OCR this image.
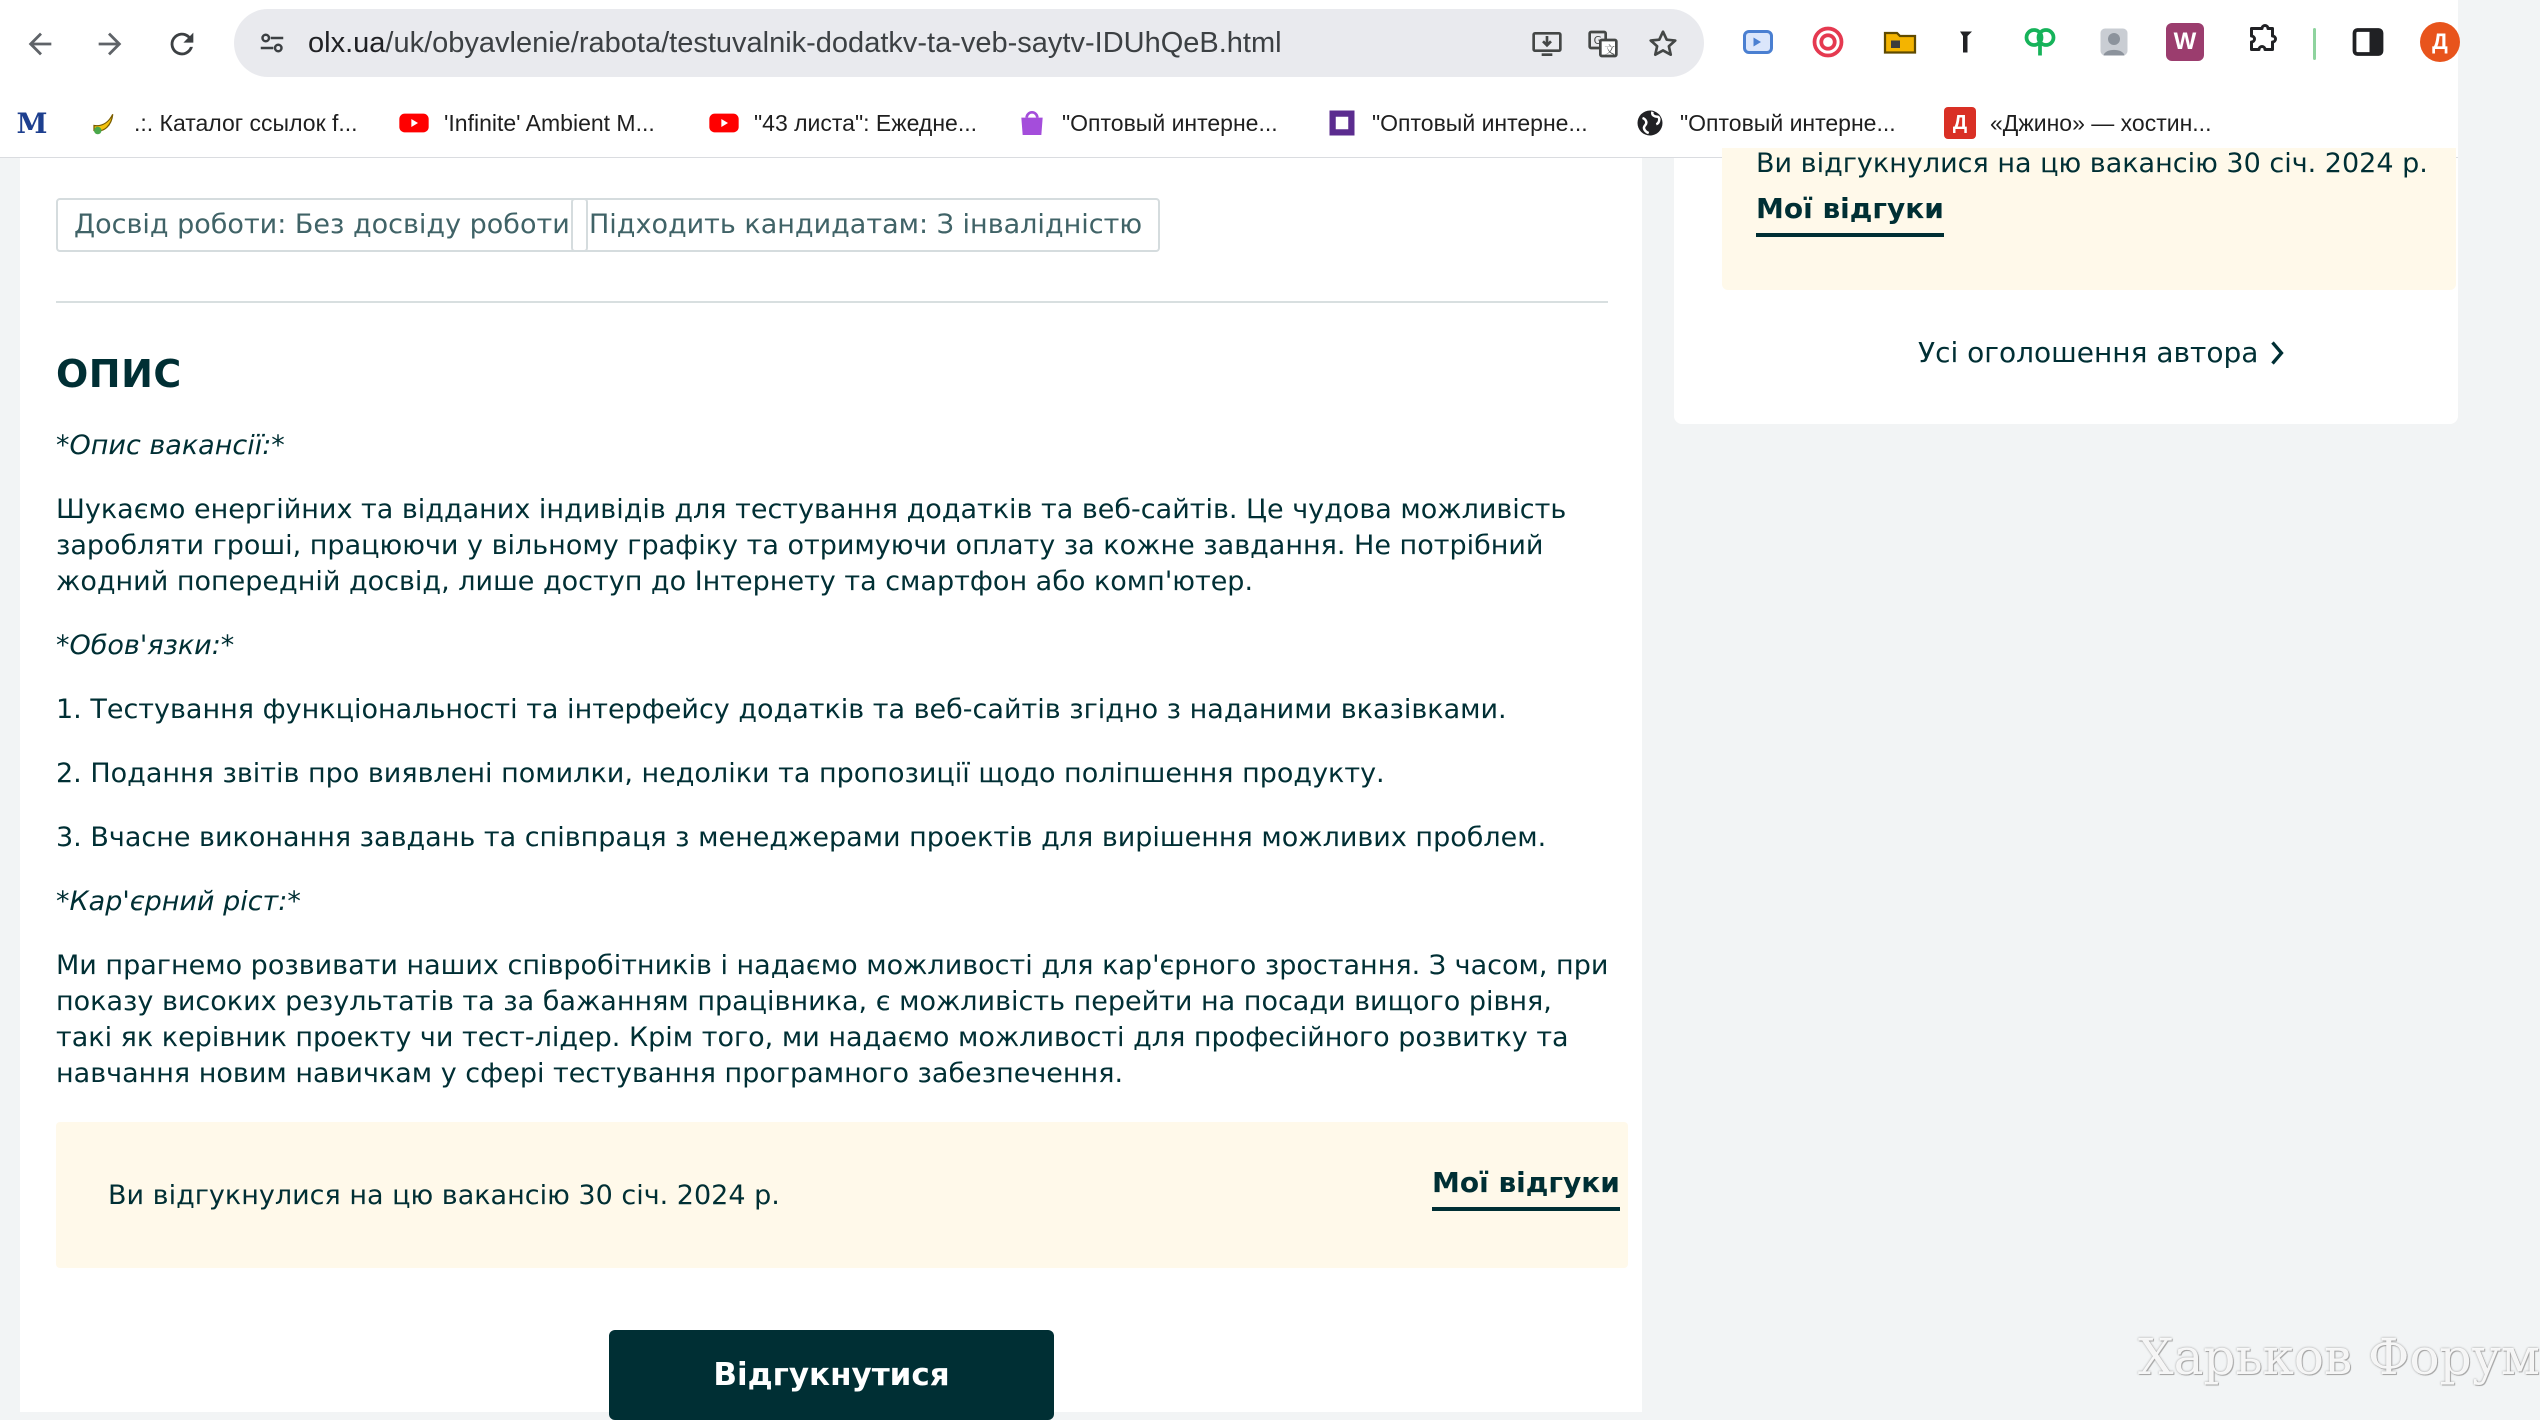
olx.ua/uk/obyavlenie/rabota/testuvalnik-dodatkv-ta-veb-saytv-IDUhQeB.html	G
文	W	Д
M	.:. Каталог ссылок f...	'Infinite' Ambient M...	"43 листа": Ежедне...	"Оптовый интерне...	"Оптовый интерне...	"Оптовый интерне...	Д «Джино» — хостин...
Досвід роботи: Без досвіду роботи Підходить кандидатам: З інвалідністю
ОПИС

*Опис вакансії:*

Шукаємо енергійних та відданих індивідів для тестування додатків та веб-сайтів. Це чудова можливість заробляти гроші, працюючи у вільному графіку та отримуючи оплату за кожне завдання. Не потрібний жодний попередній досвід, лише доступ до Інтернету та смартфон або комп'ютер.

*Обов'язки:*

1. Тестування функціональності та інтерфейсу додатків та веб-сайтів згідно з наданими вказівками.

2. Подання звітів про виявлені помилки, недоліки та пропозиції щодо поліпшення продукту.

3. Вчасне виконання завдань та співпраця з менеджерами проектів для вирішення можливих проблем.

*Кар'єрний ріст:*

Ми прагнемо розвивати наших співробітників і надаємо можливості для кар'єрного зростання. З часом, при показу високих результатів та за бажанням працівника, є можливість перейти на посади вищого рівня, такі як керівник проекту чи тест-лідер. Крім того, ми надаємо можливості для професійного розвитку та навчання новим навичкам у сфері тестування програмного забезпечення.

Ви відгукнулися на цю вакансію 30 січ. 2024 р.	Мої відгуки
Відгукнутися
Ви відгукнулися на цю вакансію 30 січ. 2024 р.
Мої відгуки
Усі оголошення автора
Харьков Форум
